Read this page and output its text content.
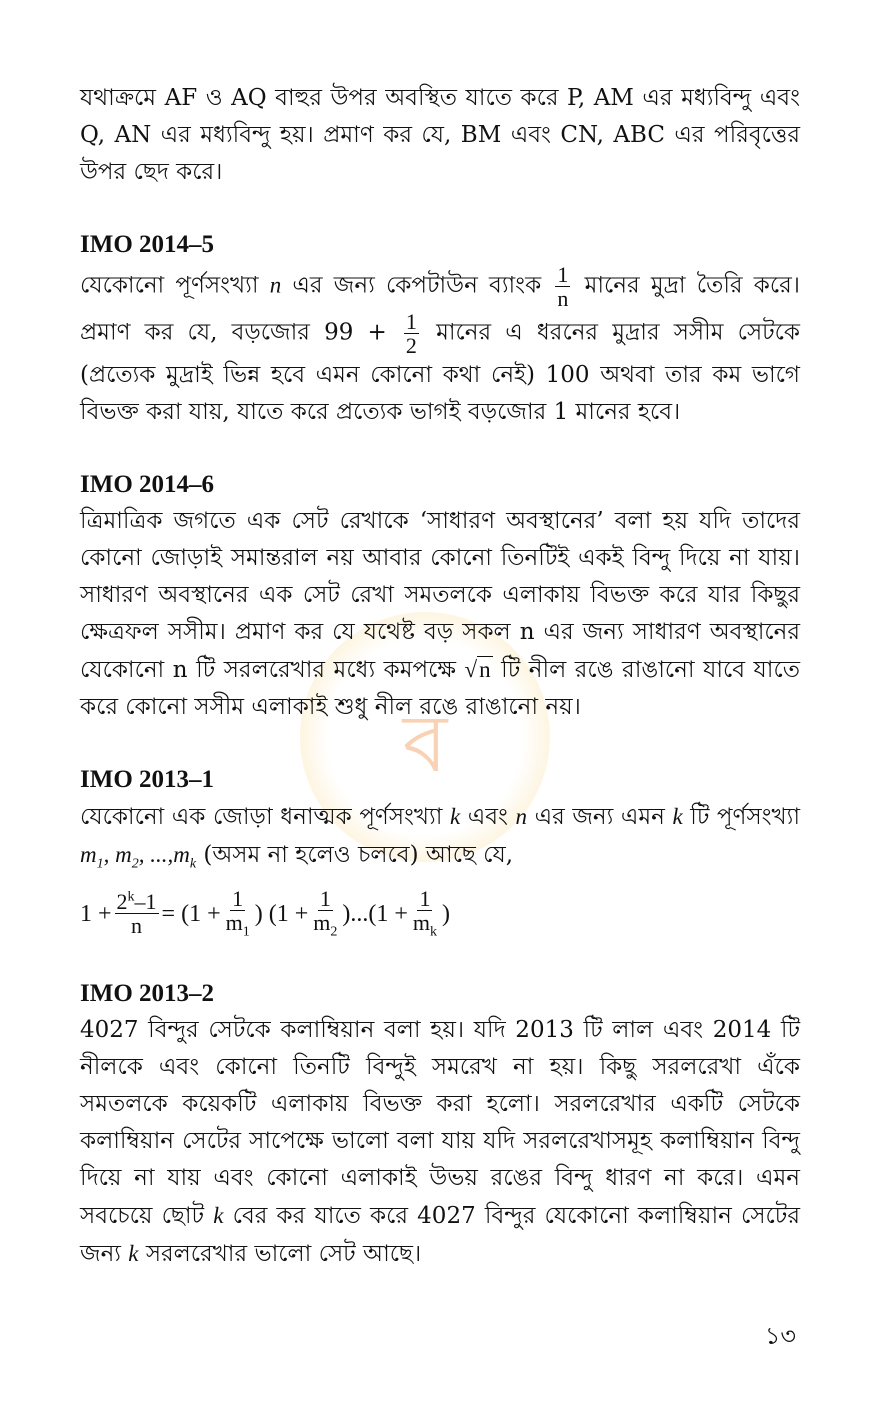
ব

যথাক্রমে AF ও AQ বাহুর উপর অবস্থিত যাতে করে P, AM এর মধ্যবিন্দু এবং Q, AN এর মধ্যবিন্দু হয়। প্রমাণ কর যে, BM এবং CN, ABC এর পরিবৃত্তের উপর ছেদ করে।

IMO 2014–5

যেকোনো পূর্ণসংখ্যা n এর জন্য কেপটাউন ব্যাংক $\frac{1}{n}$ মানের মুদ্রা তৈরি করে। প্রমাণ কর যে, বড়জোর $99 + \frac{1}{2}$ মানের এ ধরনের মুদ্রার সসীম সেটকে (প্রত্যেক মুদ্রাই ভিন্ন হবে এমন কোনো কথা নেই) 100 অথবা তার কম ভাগে বিভক্ত করা যায়, যাতে করে প্রত্যেক ভাগই বড়জোর 1 মানের হবে।

IMO 2014–6

ত্রিমাত্রিক জগতে এক সেট রেখাকে ‘সাধারণ অবস্থানের’ বলা হয় যদি তাদের কোনো জোড়াই সমান্তরাল নয় আবার কোনো তিনটিই একই বিন্দু দিয়ে না যায়। সাধারণ অবস্থানের এক সেট রেখা সমতলকে এলাকায় বিভক্ত করে যার কিছুর ক্ষেত্রফল সসীম। প্রমাণ কর যে যথেষ্ট বড় সকল n এর জন্য সাধারণ অবস্থানের যেকোনো n টি সরলরেখার মধ্যে কমপক্ষে √n টি নীল রঙে রাঙানো যাবে যাতে করে কোনো সসীম এলাকাই শুধু নীল রঙে রাঙানো নয়।

IMO 2013–1

যেকোনো এক জোড়া ধনাত্মক পূর্ণসংখ্যা k এবং n এর জন্য এমন k টি পূর্ণসংখ্যা $m_1$, $m_2$, $...,m_k$ (অসম না হলেও চলবে) আছে যে,

$1 + \frac{2^k-1}{n} = (1 + \frac{1}{m_1}$ ) $(1 + \frac{1}{m_2} )...(1 + \frac{1}{m_k}$ )
IMO 2013–2

4027 বিন্দুর সেটকে কলাম্বিয়ান বলা হয়। যদি 2013 টি লাল এবং 2014 টি নীলকে এবং কোনো তিনটি বিন্দুই সমরেখ না হয়। কিছু সরলরেখা এঁকে সমতলকে কয়েকটি এলাকায় বিভক্ত করা হলো। সরলরেখার একটি সেটকে কলাম্বিয়ান সেটের সাপেক্ষে ভালো বলা যায় যদি সরলরেখাসমূহ কলাম্বিয়ান বিন্দু দিয়ে না যায় এবং কোনো এলাকাই উভয় রঙের বিন্দু ধারণ না করে। এমন সবচেয়ে ছোট k বের কর যাতে করে 4027 বিন্দুর যেকোনো কলাম্বিয়ান সেটের জন্য k সরলরেখার ভালো সেট আছে।

১৩
